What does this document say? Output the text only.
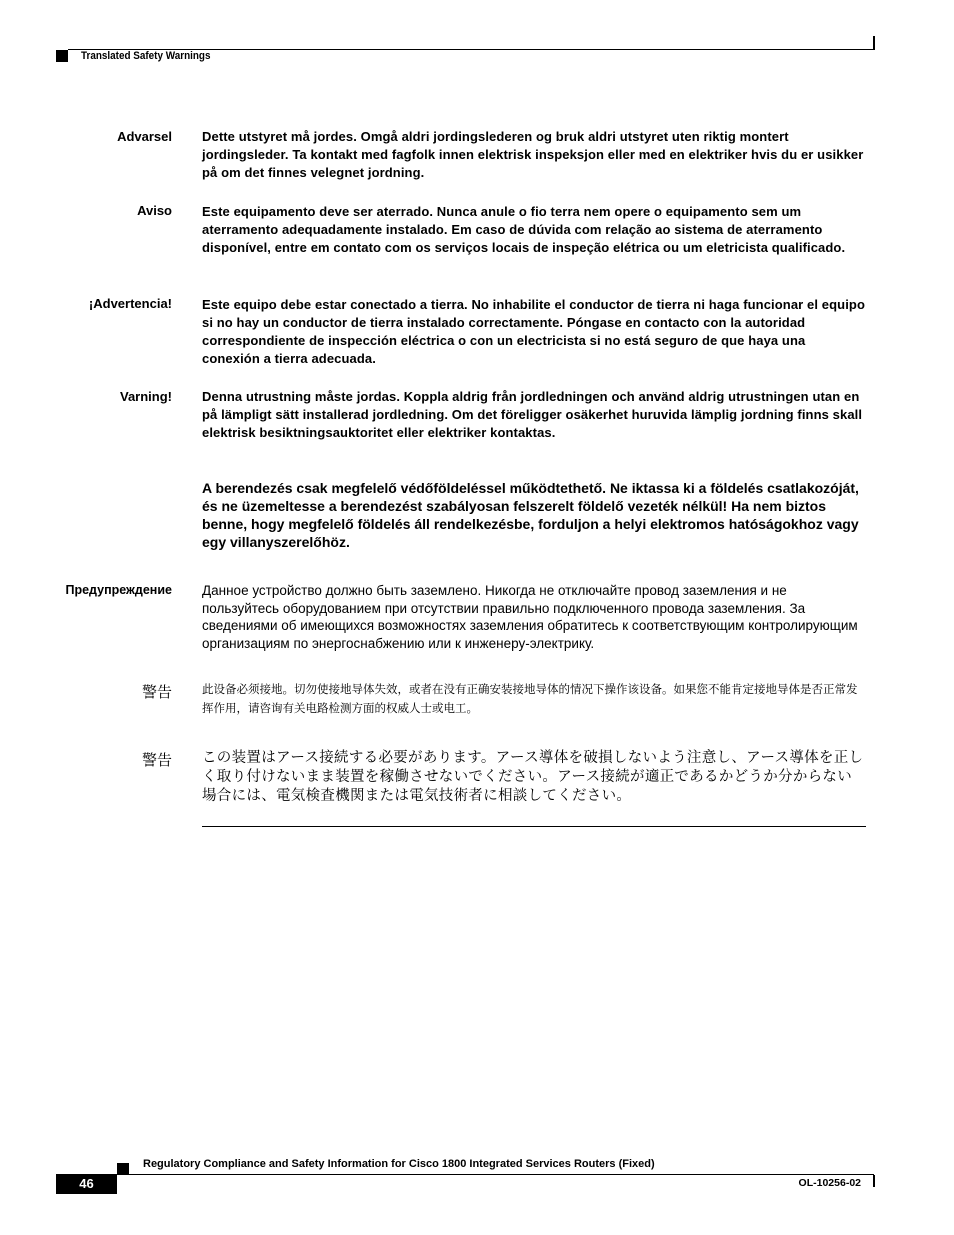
Translated Safety Warnings
Advarsel Dette utstyret må jordes. Omgå aldri jordingslederen og bruk aldri utstyret uten riktig montert jordingsleder. Ta kontakt med fagfolk innen elektrisk inspeksjon eller med en elektriker hvis du er usikker på om det finnes velegnet jordning.
Aviso Este equipamento deve ser aterrado. Nunca anule o fio terra nem opere o equipamento sem um aterramento adequadamente instalado. Em caso de dúvida com relação ao sistema de aterramento disponível, entre em contato com os serviços locais de inspeção elétrica ou um eletricista qualificado.
¡Advertencia! Este equipo debe estar conectado a tierra. No inhabilite el conductor de tierra ni haga funcionar el equipo si no hay un conductor de tierra instalado correctamente. Póngase en contacto con la autoridad correspondiente de inspección eléctrica o con un electricista si no está seguro de que haya una conexión a tierra adecuada.
Varning! Denna utrustning måste jordas. Koppla aldrig från jordledningen och använd aldrig utrustningen utan en på lämpligt sätt installerad jordledning. Om det föreligger osäkerhet huruvida lämplig jordning finns skall elektrisk besiktningsauktoritet eller elektriker kontaktas.
A berendezés csak megfelelő védőföldeléssel működtethető. Ne iktassa ki a földelés csatlakozóját, és ne üzemeltesse a berendezést szabályosan felszerelt földelő vezeték nélkül! Ha nem biztos benne, hogy megfelelő földelés áll rendelkezésbe, forduljon a helyi elektromos hatóságokhoz vagy egy villanyszerelőhöz.
Предупреждение Данное устройство должно быть заземлено. Никогда не отключайте провод заземления и не пользуйтесь оборудованием при отсутствии правильно подключенного провода заземления. За сведениями об имеющихся возможностях заземления обратитесь к соответствующим контролирующим организациям по энергоснабжению или к инженеру-электрику.
警告	此设备必须接地。切勿使接地导体失效，或者在没有正确安装接地导体的情况下操作该设备。如果您不能肯定接地导体是否正常发挥作用，请咨询有关电路检测方面的权威人士或电工。
警告 この装置はアース接続する必要があります。アース導体を破損しないよう注意し、アース導体を正しく取り付けないまま装置を稼働させないでください。アース接続が適正であるかどうか分からない場合には、電気検査機関または電気技術者に相談してください。
Regulatory Compliance and Safety Information for Cisco 1800 Integrated Services Routers (Fixed)
46	OL-10256-02
